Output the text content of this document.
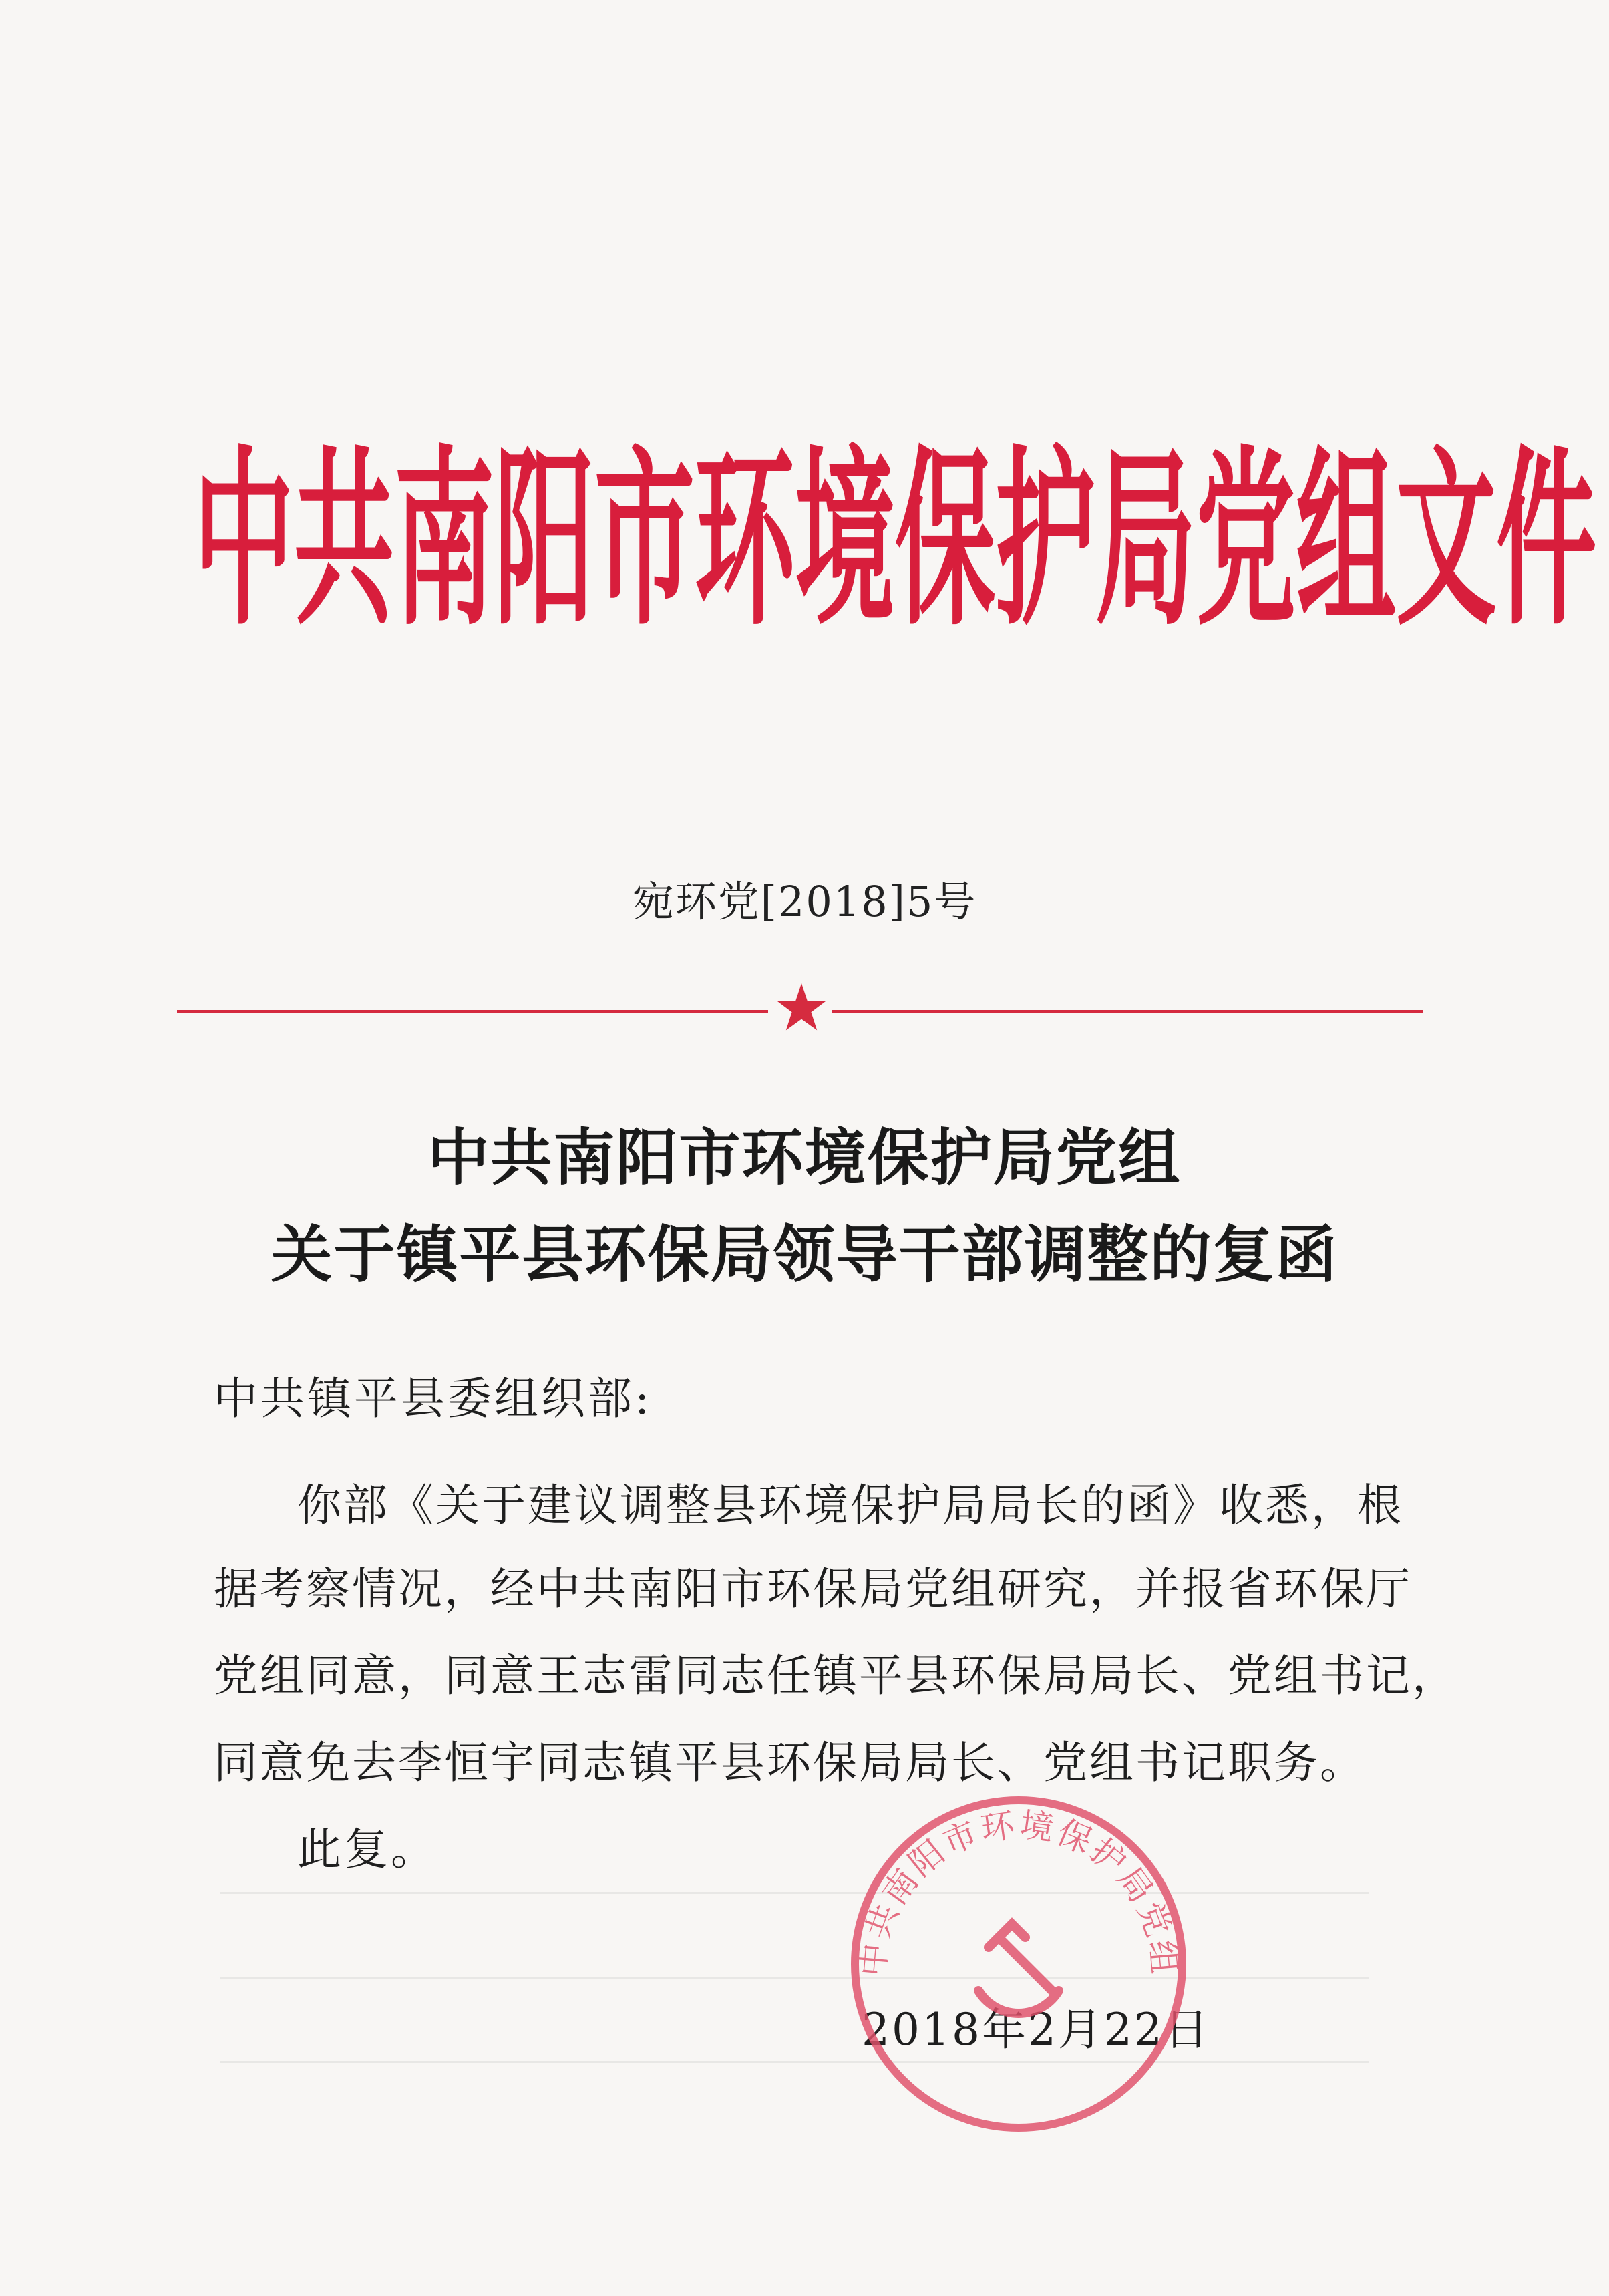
中 共 南 阳 市 环 境 保 护 局 党 组 文 件
宛环党[2018]5号
中共南阳市环境保护局党组
关于镇平县环保局领导干部调整的复函
中共镇平县委组织部:
你部《关于建议调整县环境保护局局长的函》收悉，根
据考察情况，经中共南阳市环保局党组研究，并报省环保厅
党组同意，同意王志雷同志任镇平县环保局局长、党组书记，
同意免去李恒宇同志镇平县环保局局长、党组书记职务。
此复。
2018年2月22日
中共南阳市环境保护局党组
